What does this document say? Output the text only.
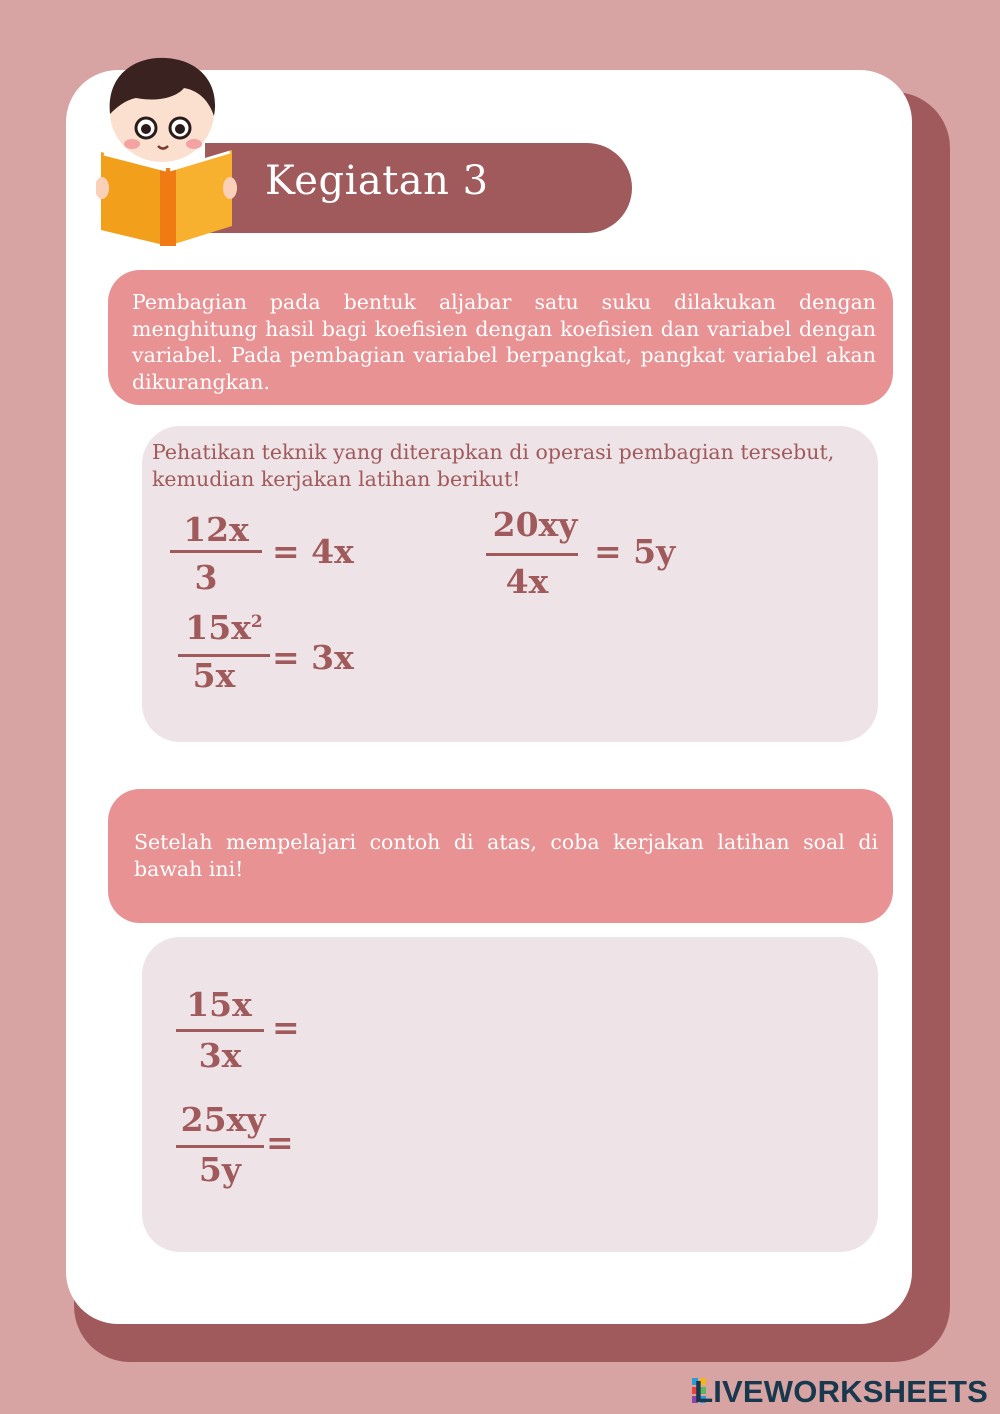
Kegiatan 3
Pembagian pada bentuk aljabar satu suku dilakukan dengan menghitung hasil bagi koefisien dengan koefisien dan variabel dengan variabel. Pada pembagian variabel berpangkat, pangkat variabel akan dikurangkan.
Pehatikan teknik yang diterapkan di operasi pembagian tersebut, kemudian kerjakan latihan berikut!
12x
3
= 4x
20xy
4x
= 5y
$15x^2$
5x	= 3x
Setelah mempelajari contoh di atas, coba kerjakan latihan soal di bawah ini!
15x
3x
=
25xy
5y
=
LIVEWORKSHEETS
